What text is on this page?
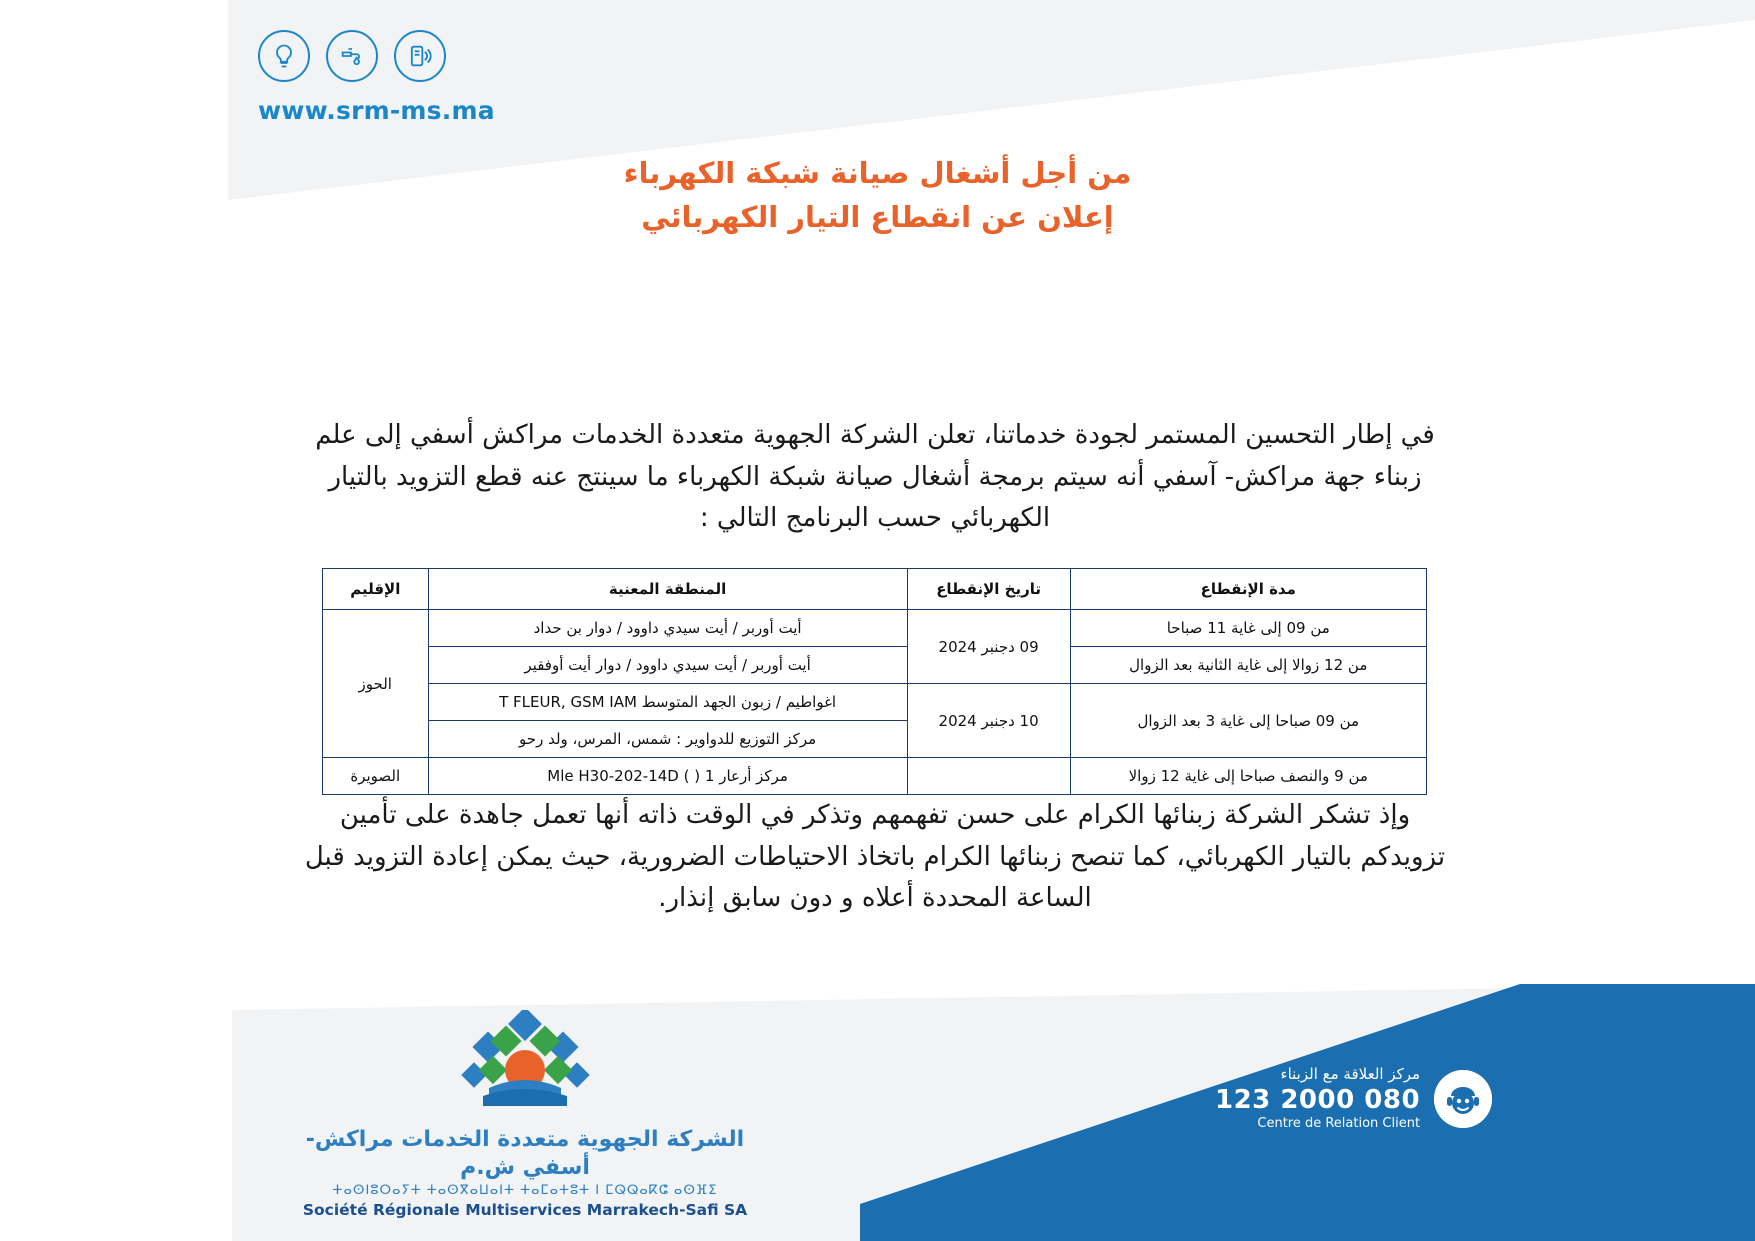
www.srm-ms.ma
من أجل أشغال صيانة شبكة الكهرباء
إعلان عن انقطاع التيار الكهربائي
في إطار التحسين المستمر لجودة خدماتنا، تعلن الشركة الجهوية متعددة الخدمات مراكش أسفي إلى علم زبناء جهة مراكش- آسفي أنه سيتم برمجة أشغال صيانة شبكة الكهرباء ما سينتج عنه قطع التزويد بالتيار الكهربائي حسب البرنامج التالي :
مدة الإنقطاع	تاريخ الإنقطاع	المنطقة المعنية	الإقليم
من 09 إلى غاية 11 صباحا	09 دجنبر 2024	أيت أوربر / أيت سيدي داوود / دوار بن حداد	الحوز
من 12 زوالا إلى غاية الثانية بعد الزوال		أيت أوربر / أيت سيدي داوود / دوار أيت أوفقير	
من 09 صباحا إلى غاية 3 بعد الزوال	10 دجنبر 2024	اغواطيم / زبون الجهد المتوسط T FLEUR, GSM IAM	
		مركز التوزيع للدواوير : شمس، المرس، ولد رحو	
من 9 والنصف صباحا إلى غاية 12 زوالا		مركز أرعار 1 ( ) Mle H30-202-14D	الصويرة
وإذ تشكر الشركة زبنائها الكرام على حسن تفهمهم وتذكر في الوقت ذاته أنها تعمل جاهدة على تأمين تزويدكم بالتيار الكهربائي، كما تنصح زبنائها الكرام باتخاذ الاحتياطات الضرورية، حيث يمكن إعادة التزويد قبل الساعة المحددة أعلاه و دون سابق إنذار.
الشركة الجهوية متعددة الخدمات مراكش- أسفي ش.م
ⵜⴰⵙⵏⵓⵔⴰⵢⵜ ⵜⴰⵙⴳⴰⵡⴰⵏⵜ ⵜⴰⵎⴰⵜⵓⵜ ⵏ ⵎⵕⵕⴰⴽⵛ ⴰⵙⴼⵉ
Société Régionale Multiservices Marrakech-Safi SA
مركز العلاقة مع الزبناء
080 2000 123
Centre de Relation Client
